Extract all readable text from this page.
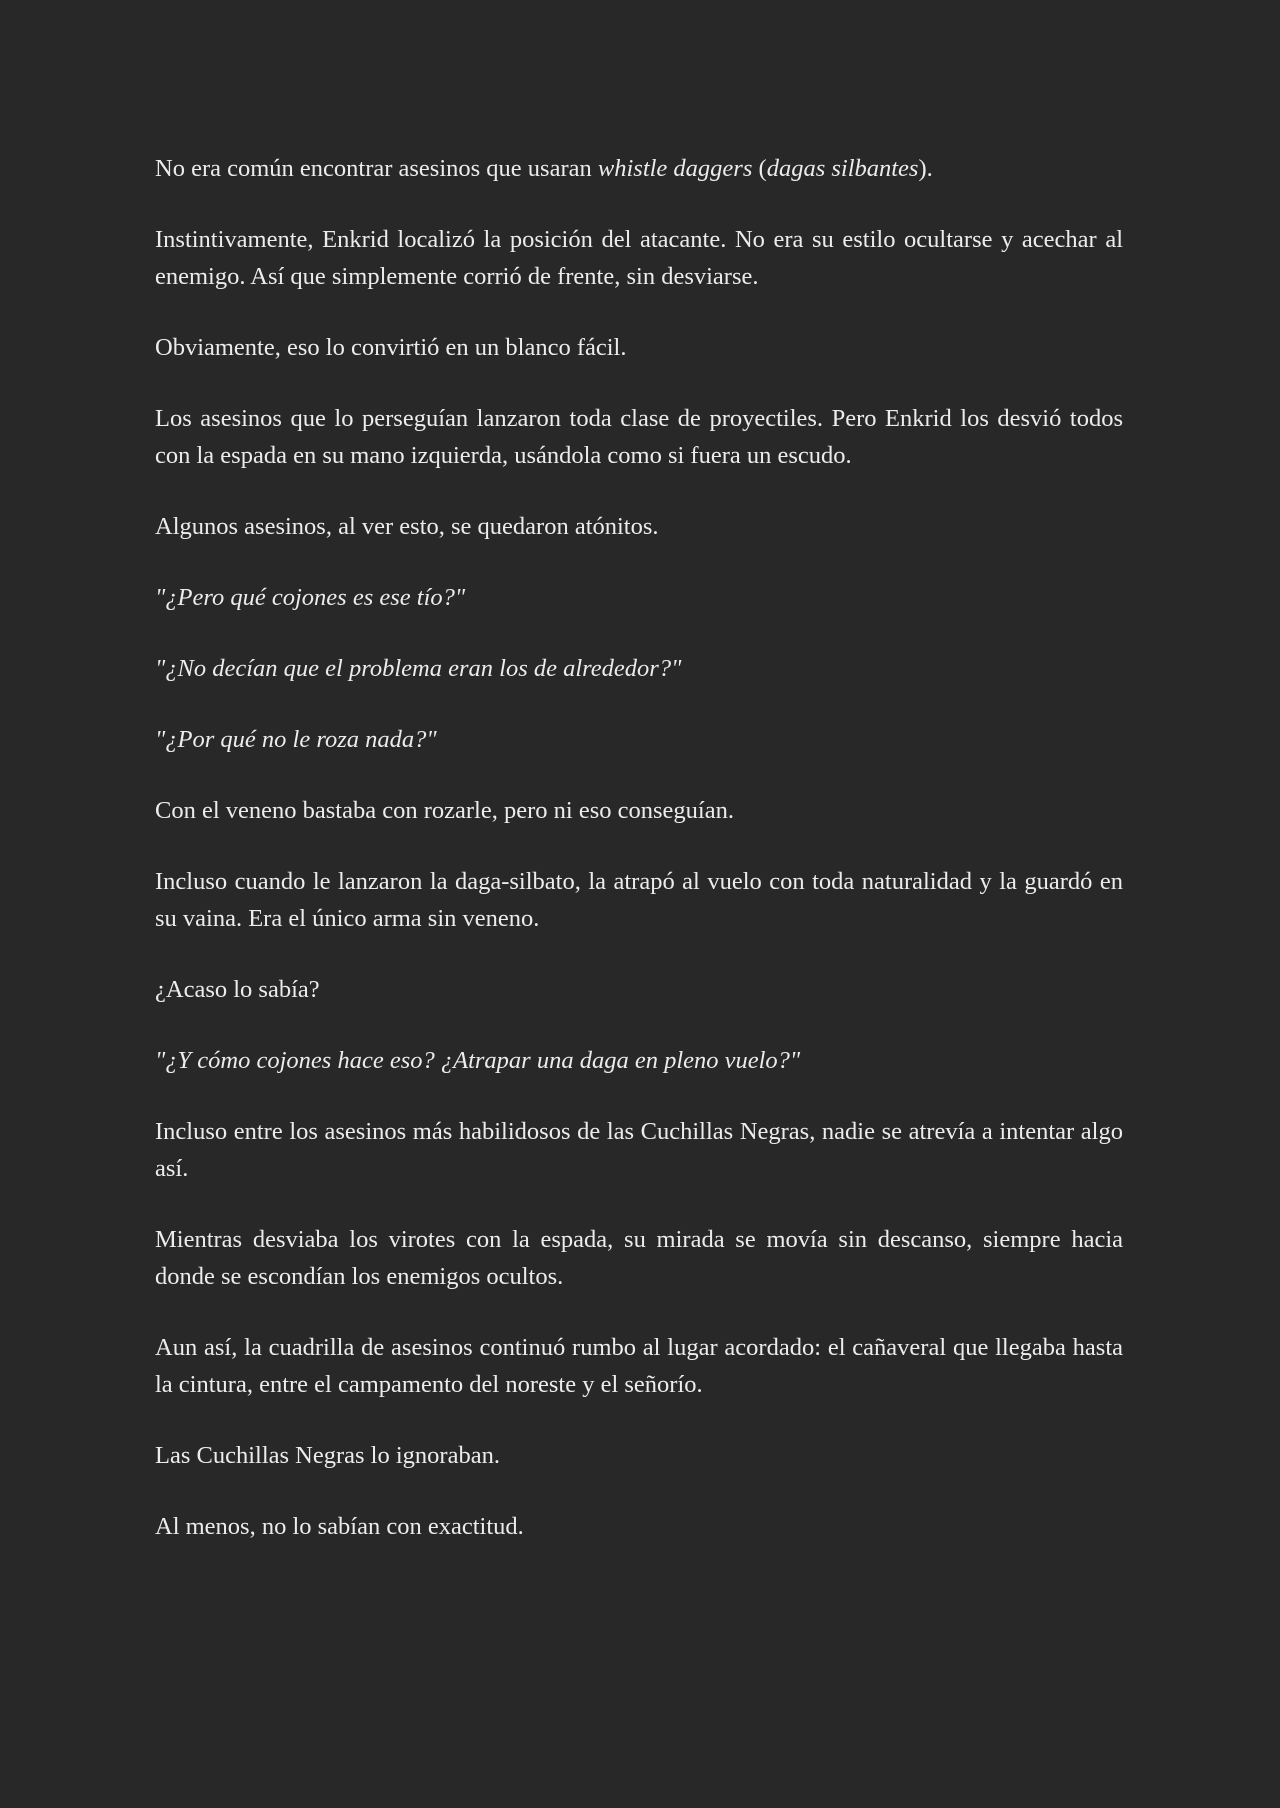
No era común encontrar asesinos que usaran whistle daggers (dagas silbantes).

Instintivamente, Enkrid localizó la posición del atacante. No era su estilo ocultarse y acechar al enemigo. Así que simplemente corrió de frente, sin desviarse.

Obviamente, eso lo convirtió en un blanco fácil.

Los asesinos que lo perseguían lanzaron toda clase de proyectiles. Pero Enkrid los desvió todos con la espada en su mano izquierda, usándola como si fuera un escudo.

Algunos asesinos, al ver esto, se quedaron atónitos.

"¿Pero qué cojones es ese tío?"

"¿No decían que el problema eran los de alrededor?"

"¿Por qué no le roza nada?"

Con el veneno bastaba con rozarle, pero ni eso conseguían.

Incluso cuando le lanzaron la daga-silbato, la atrapó al vuelo con toda naturalidad y la guardó en su vaina. Era el único arma sin veneno.

¿Acaso lo sabía?

"¿Y cómo cojones hace eso? ¿Atrapar una daga en pleno vuelo?"

Incluso entre los asesinos más habilidosos de las Cuchillas Negras, nadie se atrevía a intentar algo así.

Mientras desviaba los virotes con la espada, su mirada se movía sin descanso, siempre hacia donde se escondían los enemigos ocultos.

Aun así, la cuadrilla de asesinos continuó rumbo al lugar acordado: el cañaveral que llegaba hasta la cintura, entre el campamento del noreste y el señorío.

Las Cuchillas Negras lo ignoraban.

Al menos, no lo sabían con exactitud.
